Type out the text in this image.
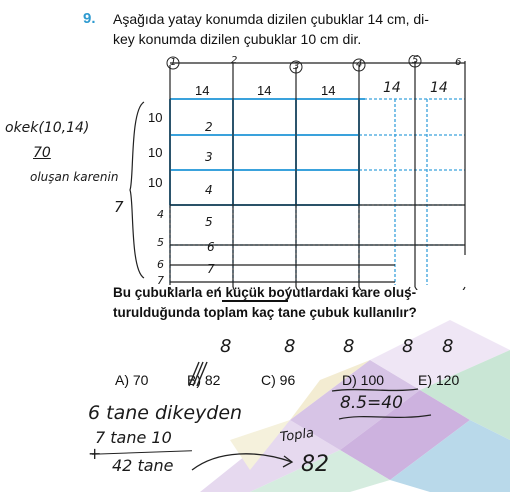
9. Aşağıda yatay konumda dizilen çubuklar 14 cm, di-
key konumda dizilen çubuklar 10 cm dir.
14	14	14
10
10
10
okek(10,14)
70
oluşan karenin
7	4
5
6
7
2
3
4
5
6
7
1	2
3	4	5	6
14 14
Bu çubuklarla en küçük boyutlardaki kare oluş-
turulduğunda toplam kaç tane çubuk kullanılır?
8	8	8	8 8
A) 70	B) 82	C) 96	D) 100 E) 120
8.5=40
6 tane dikeyden
7 tane 10
42 tane
+
Topla
82
